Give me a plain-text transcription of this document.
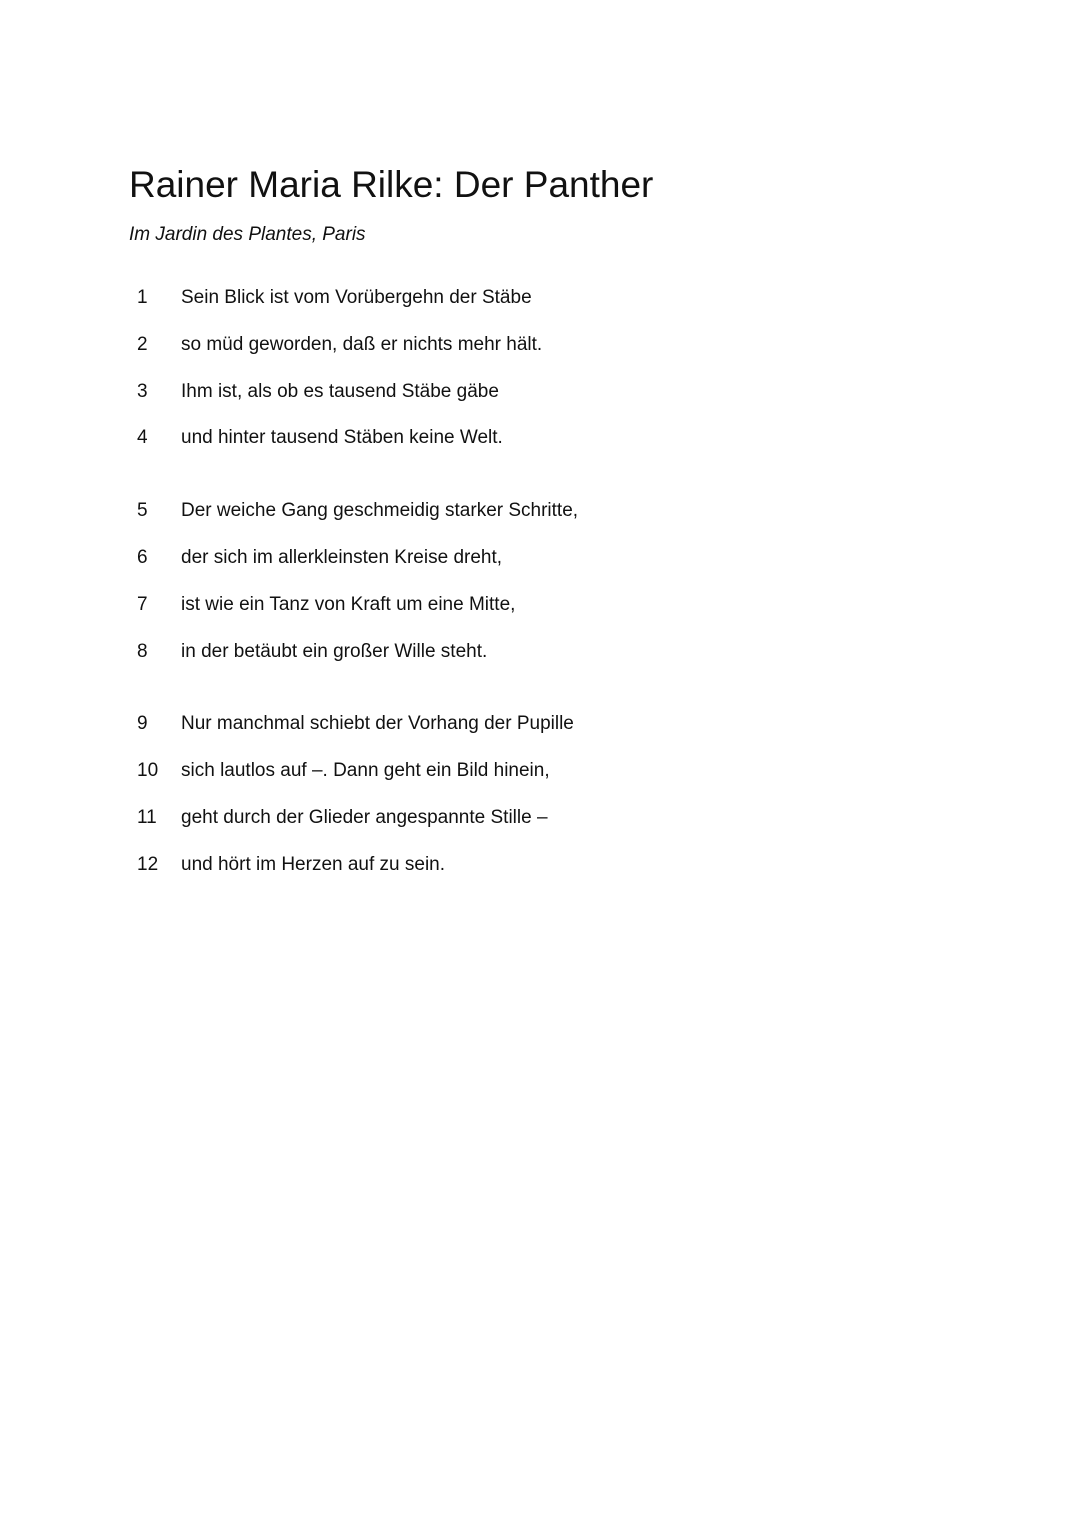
Rainer Maria Rilke: Der Panther

Im Jardin des Plantes, Paris

1 Sein Blick ist vom Vorübergehn der Stäbe
2 so müd geworden, daß er nichts mehr hält.
3 Ihm ist, als ob es tausend Stäbe gäbe
4 und hinter tausend Stäben keine Welt.
5 Der weiche Gang geschmeidig starker Schritte,
6 der sich im allerkleinsten Kreise dreht,
7 ist wie ein Tanz von Kraft um eine Mitte,
8 in der betäubt ein großer Wille steht.
9 Nur manchmal schiebt der Vorhang der Pupille
10 sich lautlos auf –. Dann geht ein Bild hinein,
11 geht durch der Glieder angespannte Stille –
12 und hört im Herzen auf zu sein.
